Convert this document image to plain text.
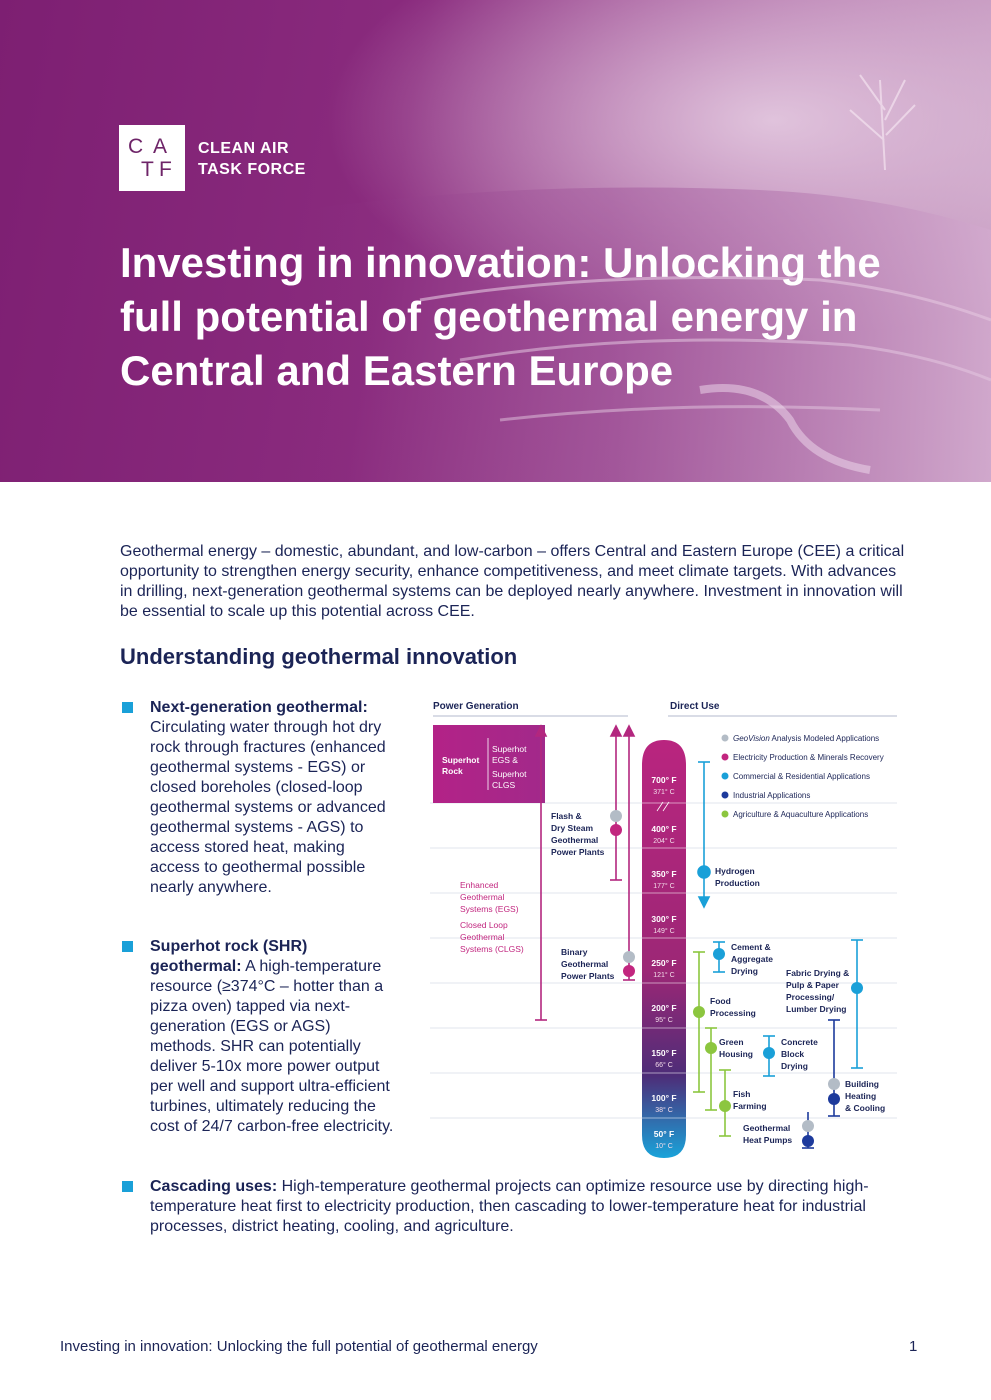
C A
T F
CLEAN AIR
TASK FORCE
Investing in innovation: Unlocking the full potential of geothermal energy in Central and Eastern Europe

Geothermal energy – domestic, abundant, and low-carbon – offers Central and Eastern Europe (CEE) a critical opportunity to strengthen energy security, enhance competitiveness, and meet climate targets. With advances in drilling, next-generation geothermal systems can be deployed nearly anywhere. Investment in innovation will be essential to scale up this potential across CEE.

Understanding geothermal innovation
Next-generation geothermal: Circulating water through hot dry rock through fractures (enhanced geothermal systems - EGS) or closed boreholes (closed-loop geothermal systems or advanced geothermal systems - AGS) to access stored heat, making access to geothermal possible nearly anywhere.
Superhot rock (SHR) geothermal: A high-temperature resource (≥374°C – hotter than a pizza oven) tapped via next-generation (EGS or AGS) methods. SHR can potentially deliver 5-10x more power output per well and support ultra-efficient turbines, ultimately reducing the cost of 24/7 carbon-free electricity.
Cascading uses: High-temperature geothermal projects can optimize resource use by directing high-temperature heat first to electricity production, then cascading to lower-temperature heat for industrial processes, district heating, cooling, and agriculture.
Power Generation	Direct Use
700° F
400° F
350° F
300° F
250° F
200° F
150° F
100° F
50° F
371° C
204° C
177° C
149° C
121° C
95° C
66° C
38° C
10° C
Superhot
Rock
Superhot
EGS &
Superhot
CLGS
Enhanced
Geothermal
Systems (EGS)
Closed Loop
Geothermal
Systems (CLGS)
Flash &
Dry Steam
Geothermal
Power Plants
Binary
Geothermal
Power Plants
GeoVision Analysis Modeled Applications
Electricity Production & Minerals Recovery
Commercial & Residential Applications
Industrial Applications
Agriculture & Aquaculture Applications
Hydrogen
Production
Cement &
Aggregate
Drying	Fabric Drying &
Pulp & Paper
Processing/
Lumber Drying
Food
Processing
Green
Housing
Concrete
Block
Drying
Building
Heating
& Cooling
Fish
Farming
Geothermal
Heat Pumps
Investing in innovation: Unlocking the full potential of geothermal energy	1
